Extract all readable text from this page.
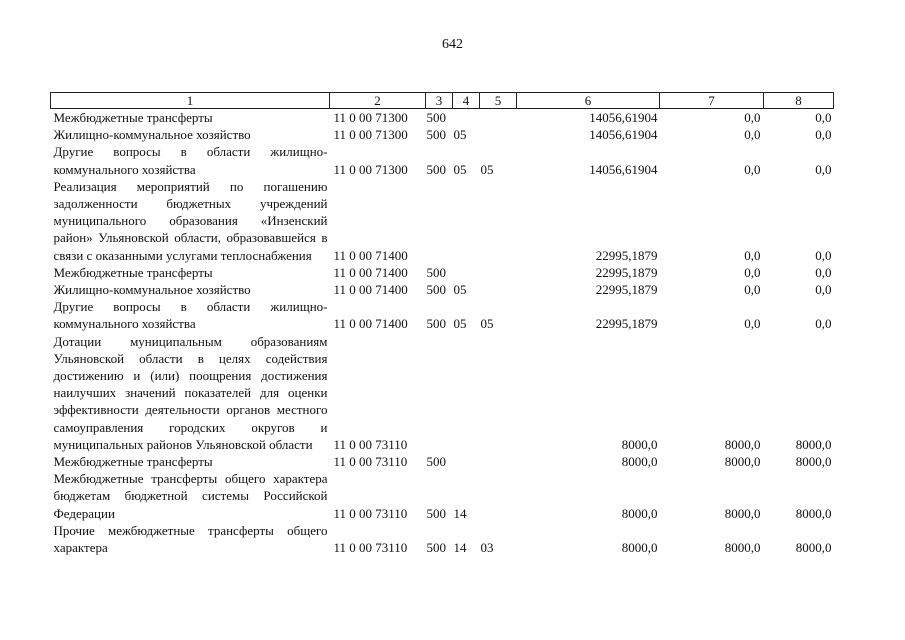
642
1	2	3	4	5	6	7	8
Межбюджетные трансферты	11 0 00 71300	500			14056,61904	0,0	0,0
Жилищно-коммунальное хозяйство	11 0 00 71300	500	05		14056,61904	0,0	0,0
Другие вопросы в области жилищно-коммунального хозяйства	11 0 00 71300	500	05	05	14056,61904	0,0	0,0
Реализация мероприятий по погашению задолженности бюджетных учреждений муниципального образования «Инзенский район» Ульяновской области, образовавшейся в связи с оказанными услугами теплоснабжения	11 0 00 71400				22995,1879	0,0	0,0
Межбюджетные трансферты	11 0 00 71400	500			22995,1879	0,0	0,0
Жилищно-коммунальное хозяйство	11 0 00 71400	500	05		22995,1879	0,0	0,0
Другие вопросы в области жилищно-коммунального хозяйства	11 0 00 71400	500	05	05	22995,1879	0,0	0,0
Дотации муниципальным образованиям Ульяновской области в целях содействия достижению и (или) поощрения достижения наилучших значений показателей для оценки эффективности деятельности органов местного самоуправления городских округов и муниципальных районов Ульяновской области	11 0 00 73110				8000,0	8000,0	8000,0
Межбюджетные трансферты	11 0 00 73110	500			8000,0	8000,0	8000,0
Межбюджетные трансферты общего характера бюджетам бюджетной системы Российской Федерации	11 0 00 73110	500	14		8000,0	8000,0	8000,0
Прочие межбюджетные трансферты общего характера	11 0 00 73110	500	14	03	8000,0	8000,0	8000,0
